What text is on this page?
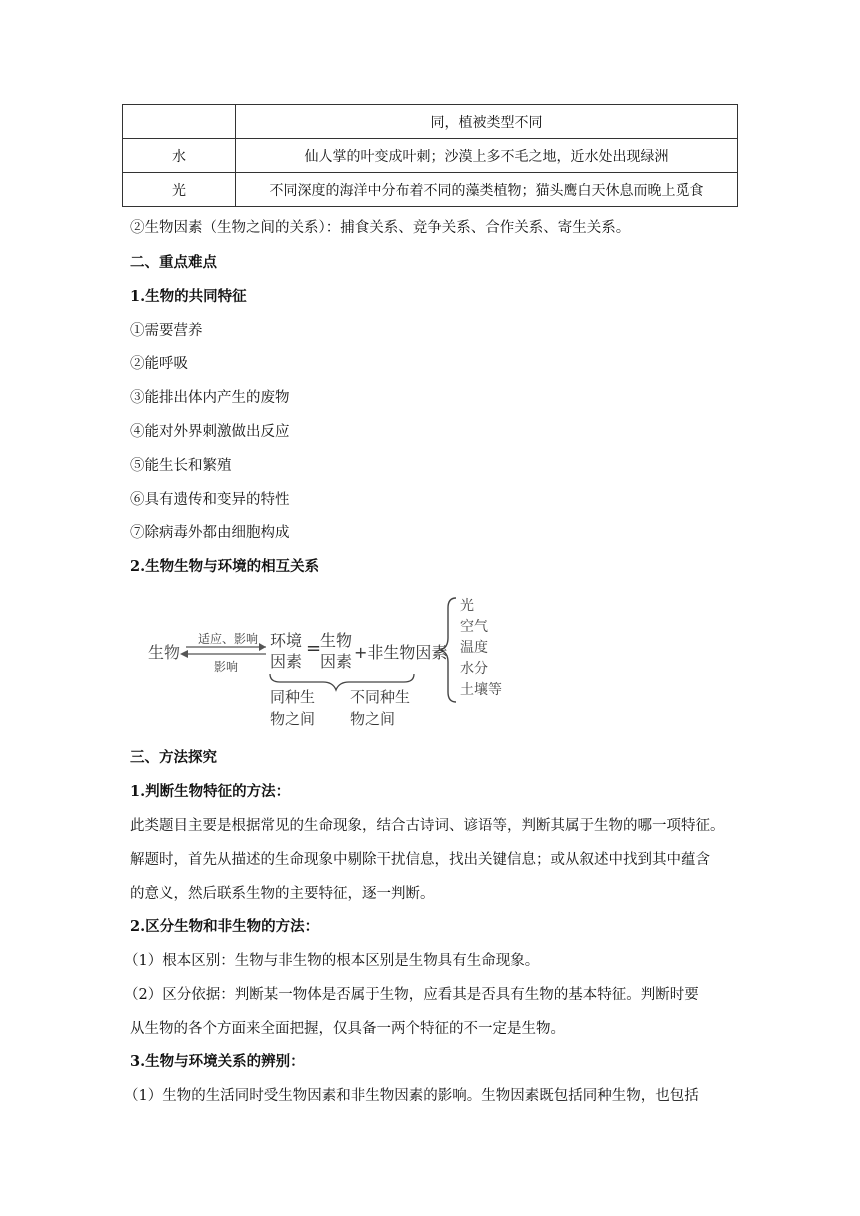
	同，植被类型不同
水	仙人掌的叶变成叶刺；沙漠上多不毛之地，近水处出现绿洲
光	不同深度的海洋中分布着不同的藻类植物；猫头鹰白天休息而晚上觅食
②生物因素（生物之间的关系）：捕食关系、竞争关系、合作关系、寄生关系。
二、重点难点
1.生物的共同特征
①需要营养
②能呼吸
③能排出体内产生的废物
④能对外界刺激做出反应
⑤能生长和繁殖
⑥具有遗传和变异的特性
⑦除病毒外都由细胞构成
2.生物生物与环境的相互关系
生物
适应、影响
影响
环境
因素
=
生物
因素 +非生物因素
同种生
物之间
不同种生
物之间
光
空气
温度
水分
土壤等
三、方法探究
1.判断生物特征的方法：
此类题目主要是根据常见的生命现象，结合古诗词、谚语等，判断其属于生物的哪一项特征。
解题时，首先从描述的生命现象中剔除干扰信息，找出关键信息；或从叙述中找到其中蕴含
的意义，然后联系生物的主要特征，逐一判断。
2.区分生物和非生物的方法：
（1）根本区别：生物与非生物的根本区别是生物具有生命现象。
（2）区分依据：判断某一物体是否属于生物，应看其是否具有生物的基本特征。判断时要
从生物的各个方面来全面把握，仅具备一两个特征的不一定是生物。
3.生物与环境关系的辨别：
（1）生物的生活同时受生物因素和非生物因素的影响。生物因素既包括同种生物，也包括
